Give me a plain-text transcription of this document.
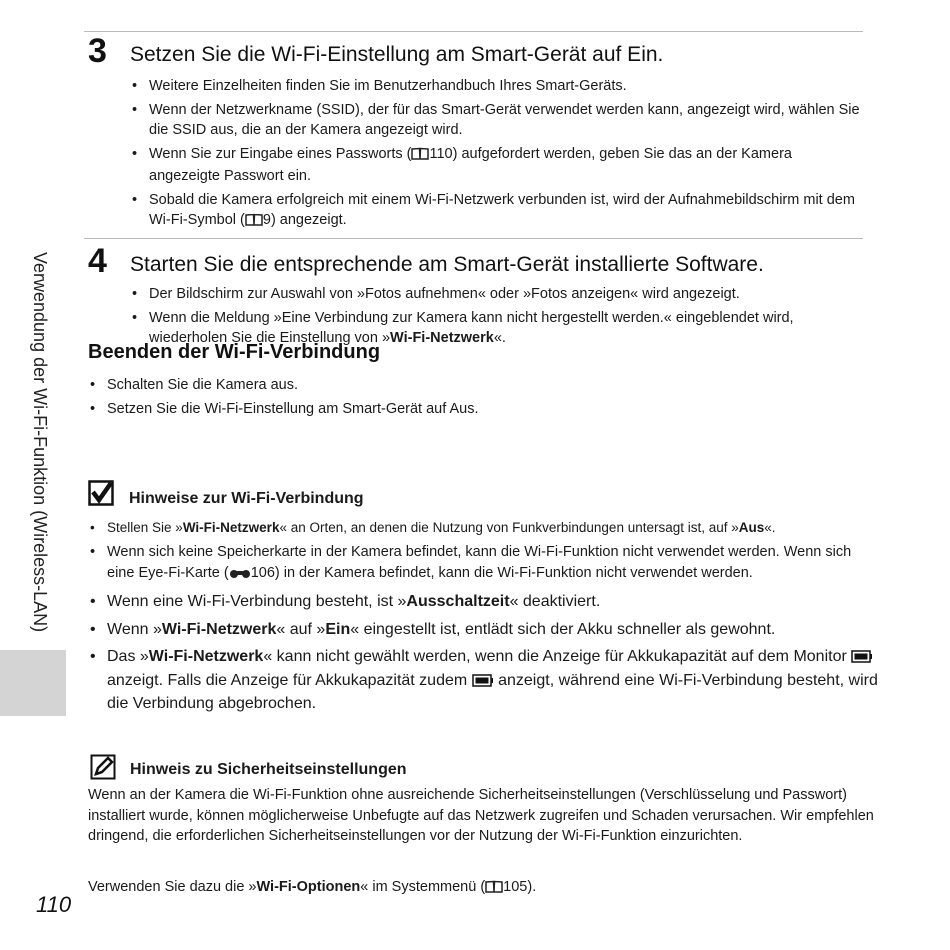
Verwendung der Wi-Fi-Funktion (Wireless-LAN)
3 Setzen Sie die Wi-Fi-Einstellung am Smart-Gerät auf Ein.
• Weitere Einzelheiten finden Sie im Benutzerhandbuch Ihres Smart-Geräts.
• Wenn der Netzwerkname (SSID), der für das Smart-Gerät verwendet werden kann, angezeigt wird, wählen Sie die SSID aus, die an der Kamera angezeigt wird.
• Wenn Sie zur Eingabe eines Passworts ( 110) aufgefordert werden, geben Sie das an der Kamera angezeigte Passwort ein.
• Sobald die Kamera erfolgreich mit einem Wi-Fi-Netzwerk verbunden ist, wird der Aufnahmebildschirm mit dem Wi-Fi-Symbol ( 9) angezeigt.
4 Starten Sie die entsprechende am Smart-Gerät installierte Software.
• Der Bildschirm zur Auswahl von »Fotos aufnehmen« oder »Fotos anzeigen« wird angezeigt.
• Wenn die Meldung »Eine Verbindung zur Kamera kann nicht hergestellt werden.« eingeblendet wird, wiederholen Sie die Einstellung von »Wi-Fi-Netzwerk«.
Beenden der Wi-Fi-Verbindung
• Schalten Sie die Kamera aus.
• Setzen Sie die Wi-Fi-Einstellung am Smart-Gerät auf Aus.
Hinweise zur Wi-Fi-Verbindung
• Stellen Sie »Wi-Fi-Netzwerk« an Orten, an denen die Nutzung von Funkverbindungen untersagt ist, auf »Aus«.
• Wenn sich keine Speicherkarte in der Kamera befindet, kann die Wi-Fi-Funktion nicht verwendet werden. Wenn sich eine Eye-Fi-Karte ( 106) in der Kamera befindet, kann die Wi-Fi-Funktion nicht verwendet werden.
• Wenn eine Wi-Fi-Verbindung besteht, ist »Ausschaltzeit« deaktiviert.
• Wenn »Wi-Fi-Netzwerk« auf »Ein« eingestellt ist, entlädt sich der Akku schneller als gewohnt.
• Das »Wi-Fi-Netzwerk« kann nicht gewählt werden, wenn die Anzeige für Akkukapazität auf dem Monitor  anzeigt. Falls die Anzeige für Akkukapazität zudem  anzeigt, während eine Wi-Fi-Verbindung besteht, wird die Verbindung abgebrochen.
Hinweis zu Sicherheitseinstellungen

Wenn an der Kamera die Wi-Fi-Funktion ohne ausreichende Sicherheitseinstellungen (Verschlüsselung und Passwort) installiert wurde, können möglicherweise Unbefugte auf das Netzwerk zugreifen und Schaden verursachen. Wir empfehlen dringend, die erforderlichen Sicherheitseinstellungen vor der Nutzung der Wi-Fi-Funktion einzurichten.

Verwenden Sie dazu die »Wi-Fi-Optionen« im Systemmenü ( 105).

110
